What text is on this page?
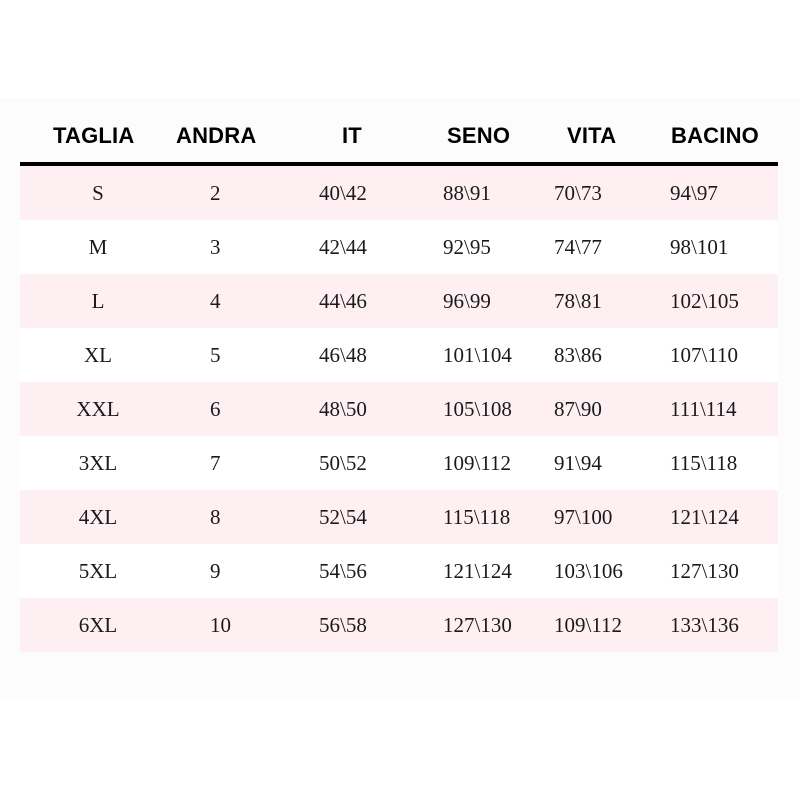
TAGLIA	ANDRA	IT	SENO	VITA	BACINO
S	2	40\42	88\91	70\73	94\97
M	3	42\44	92\95	74\77	98\101
L	4	44\46	96\99	78\81	102\105
XL	5	46\48	101\104	83\86	107\110
XXL	6	48\50	105\108	87\90	111\114
3XL	7	50\52	109\112	91\94	115\118
4XL	8	52\54	115\118	97\100	121\124
5XL	9	54\56	121\124	103\106	127\130
6XL	10	56\58	127\130	109\112	133\136
